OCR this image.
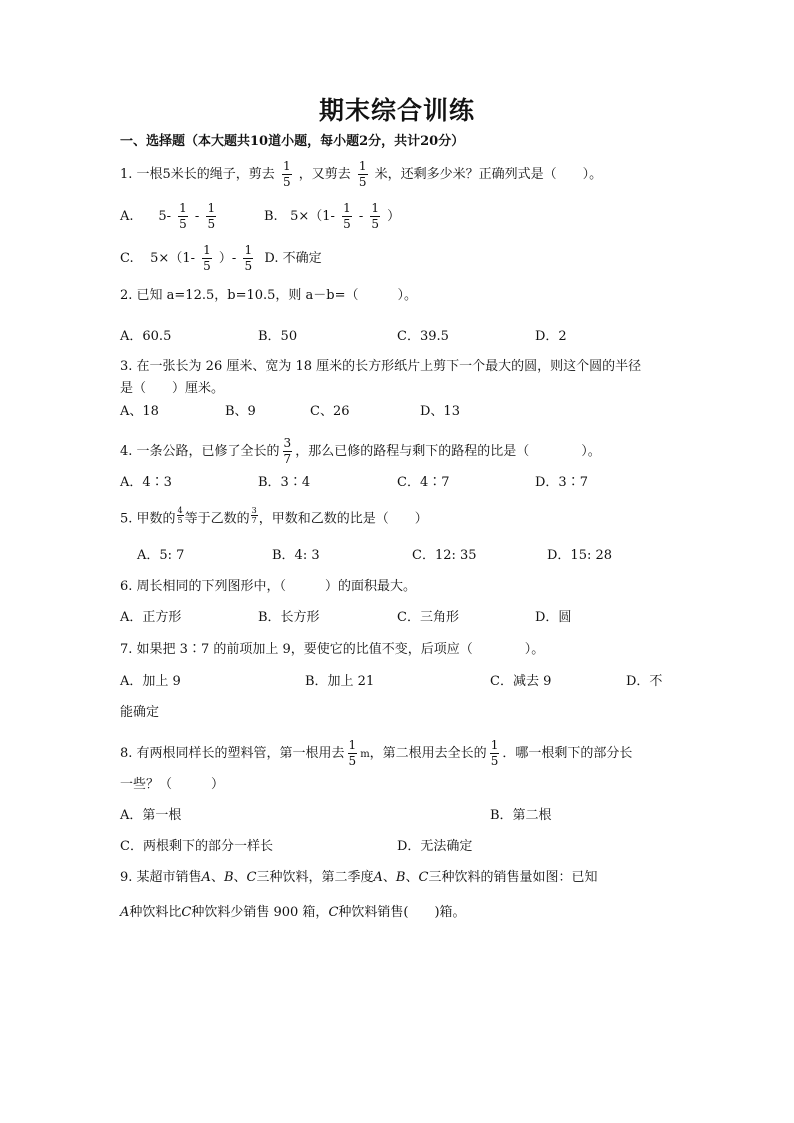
期末综合训练
一、选择题（本大题共10道小题，每小题2分，共计20分）
1. 一根5米长的绳子，剪去 $\frac{1}{5}$ ，又剪去 $\frac{1}{5}$ 米，还剩多少米？正确列式是（　　）。
A. $5- \frac{1}{5} - \frac{1}{5}$	B. $5\times(1- \frac{1}{5} - \frac{1}{5}$ ）
C. $5\times(1- \frac{1}{5}$ ）- $\frac{1}{5} D$. 不确定
2. 已知 a=12.5，b=10.5，则 a－b=（　　　）。
A．60.5	B．50	C．39.5	D．2
3. 在一张长为 26 厘米、宽为 18 厘米的长方形纸片上剪下一个最大的圆，则这个圆的半径
是（　　）厘米。
A、18	B、9	C、26	D、13
4. 一条公路，已修了全长的 $\frac{3}{7}$ ，那么已修的路程与剩下的路程的比是（　　　　）。
A．4∶3	B．3∶4	C．4∶7	D．3∶7
5. 甲数的 $\frac{4}{5}$ 等于乙数的 $\frac{3}{7}$ ，甲数和乙数的比是（　　）
A．5: 7	B．4: 3	C．12: 35	D．15: 28
6. 周长相同的下列图形中，（　　　）的面积最大。
A．正方形	B．长方形	C．三角形	D．圆
7. 如果把 3∶7 的前项加上 9，要使它的比值不变，后项应（　　　　）。
A．加上 9	B．加上 21	C．减去 9	D．不
能确定
8. 有两根同样长的塑料管，第一根用去 $\frac{1}{5}$ m，第二根用去全长的 $\frac{1}{5}$ ．哪一根剩下的部分长
一些？（　　　）
A．第一根	B．第二根
C．两根剩下的部分一样长	D．无法确定
9. 某超市销售A、B、C三种饮料，第二季度A、B、C三种饮料的销售量如图：已知
A种饮料比C种饮料少销售 900 箱，C种饮料销售(　　)箱。
